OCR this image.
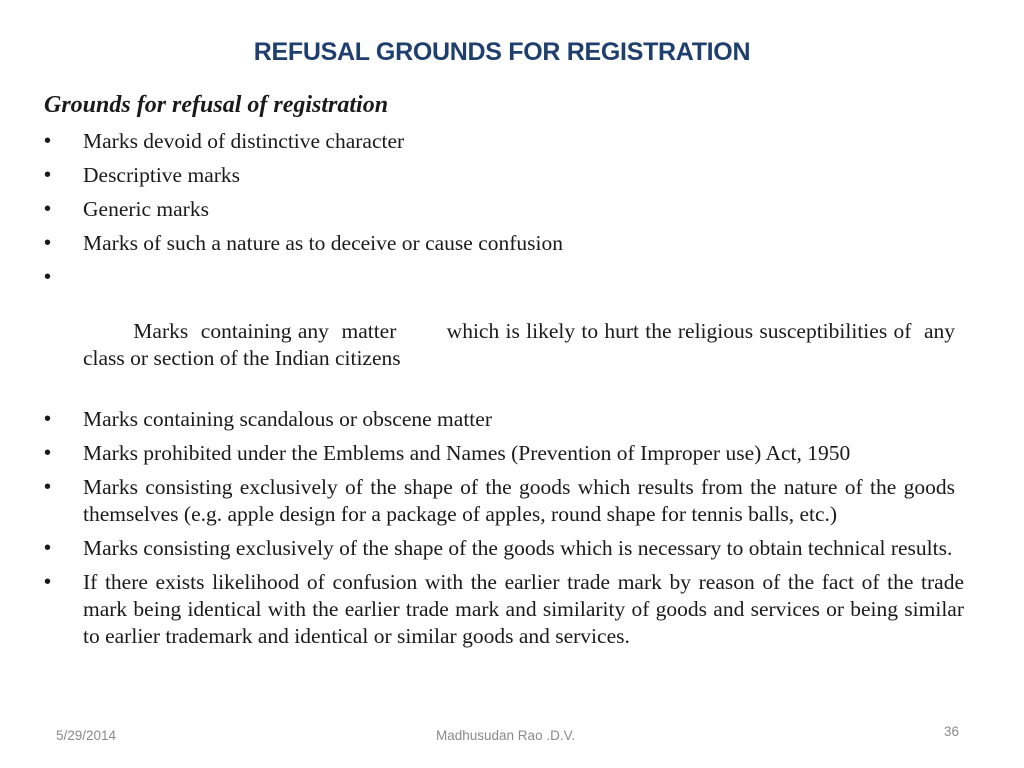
REFUSAL GROUNDS FOR REGISTRATION
Grounds for refusal of registration
• Marks devoid of distinctive character
• Descriptive marks
• Generic marks
• Marks of such a nature as to deceive or cause confusion

•

Marks  containing any  matter        which is likely to hurt the religious susceptibilities of  any class or section of the Indian citizens

• Marks containing scandalous or obscene matter
• Marks prohibited under the Emblems and Names (Prevention of Improper use) Act, 1950
• Marks consisting exclusively of the shape of the goods which results from the nature of the goods themselves (e.g. apple design for a package of apples, round shape for tennis balls, etc.)
• Marks consisting exclusively of the shape of the goods which is necessary to obtain technical results.
• If there exists likelihood of confusion with the earlier trade mark by reason of the fact of the trade mark being identical with the earlier trade mark and similarity of goods and services or being similar to earlier trademark and identical or similar goods and services.
5/29/2014	Madhusudan Rao .D.V.	36
